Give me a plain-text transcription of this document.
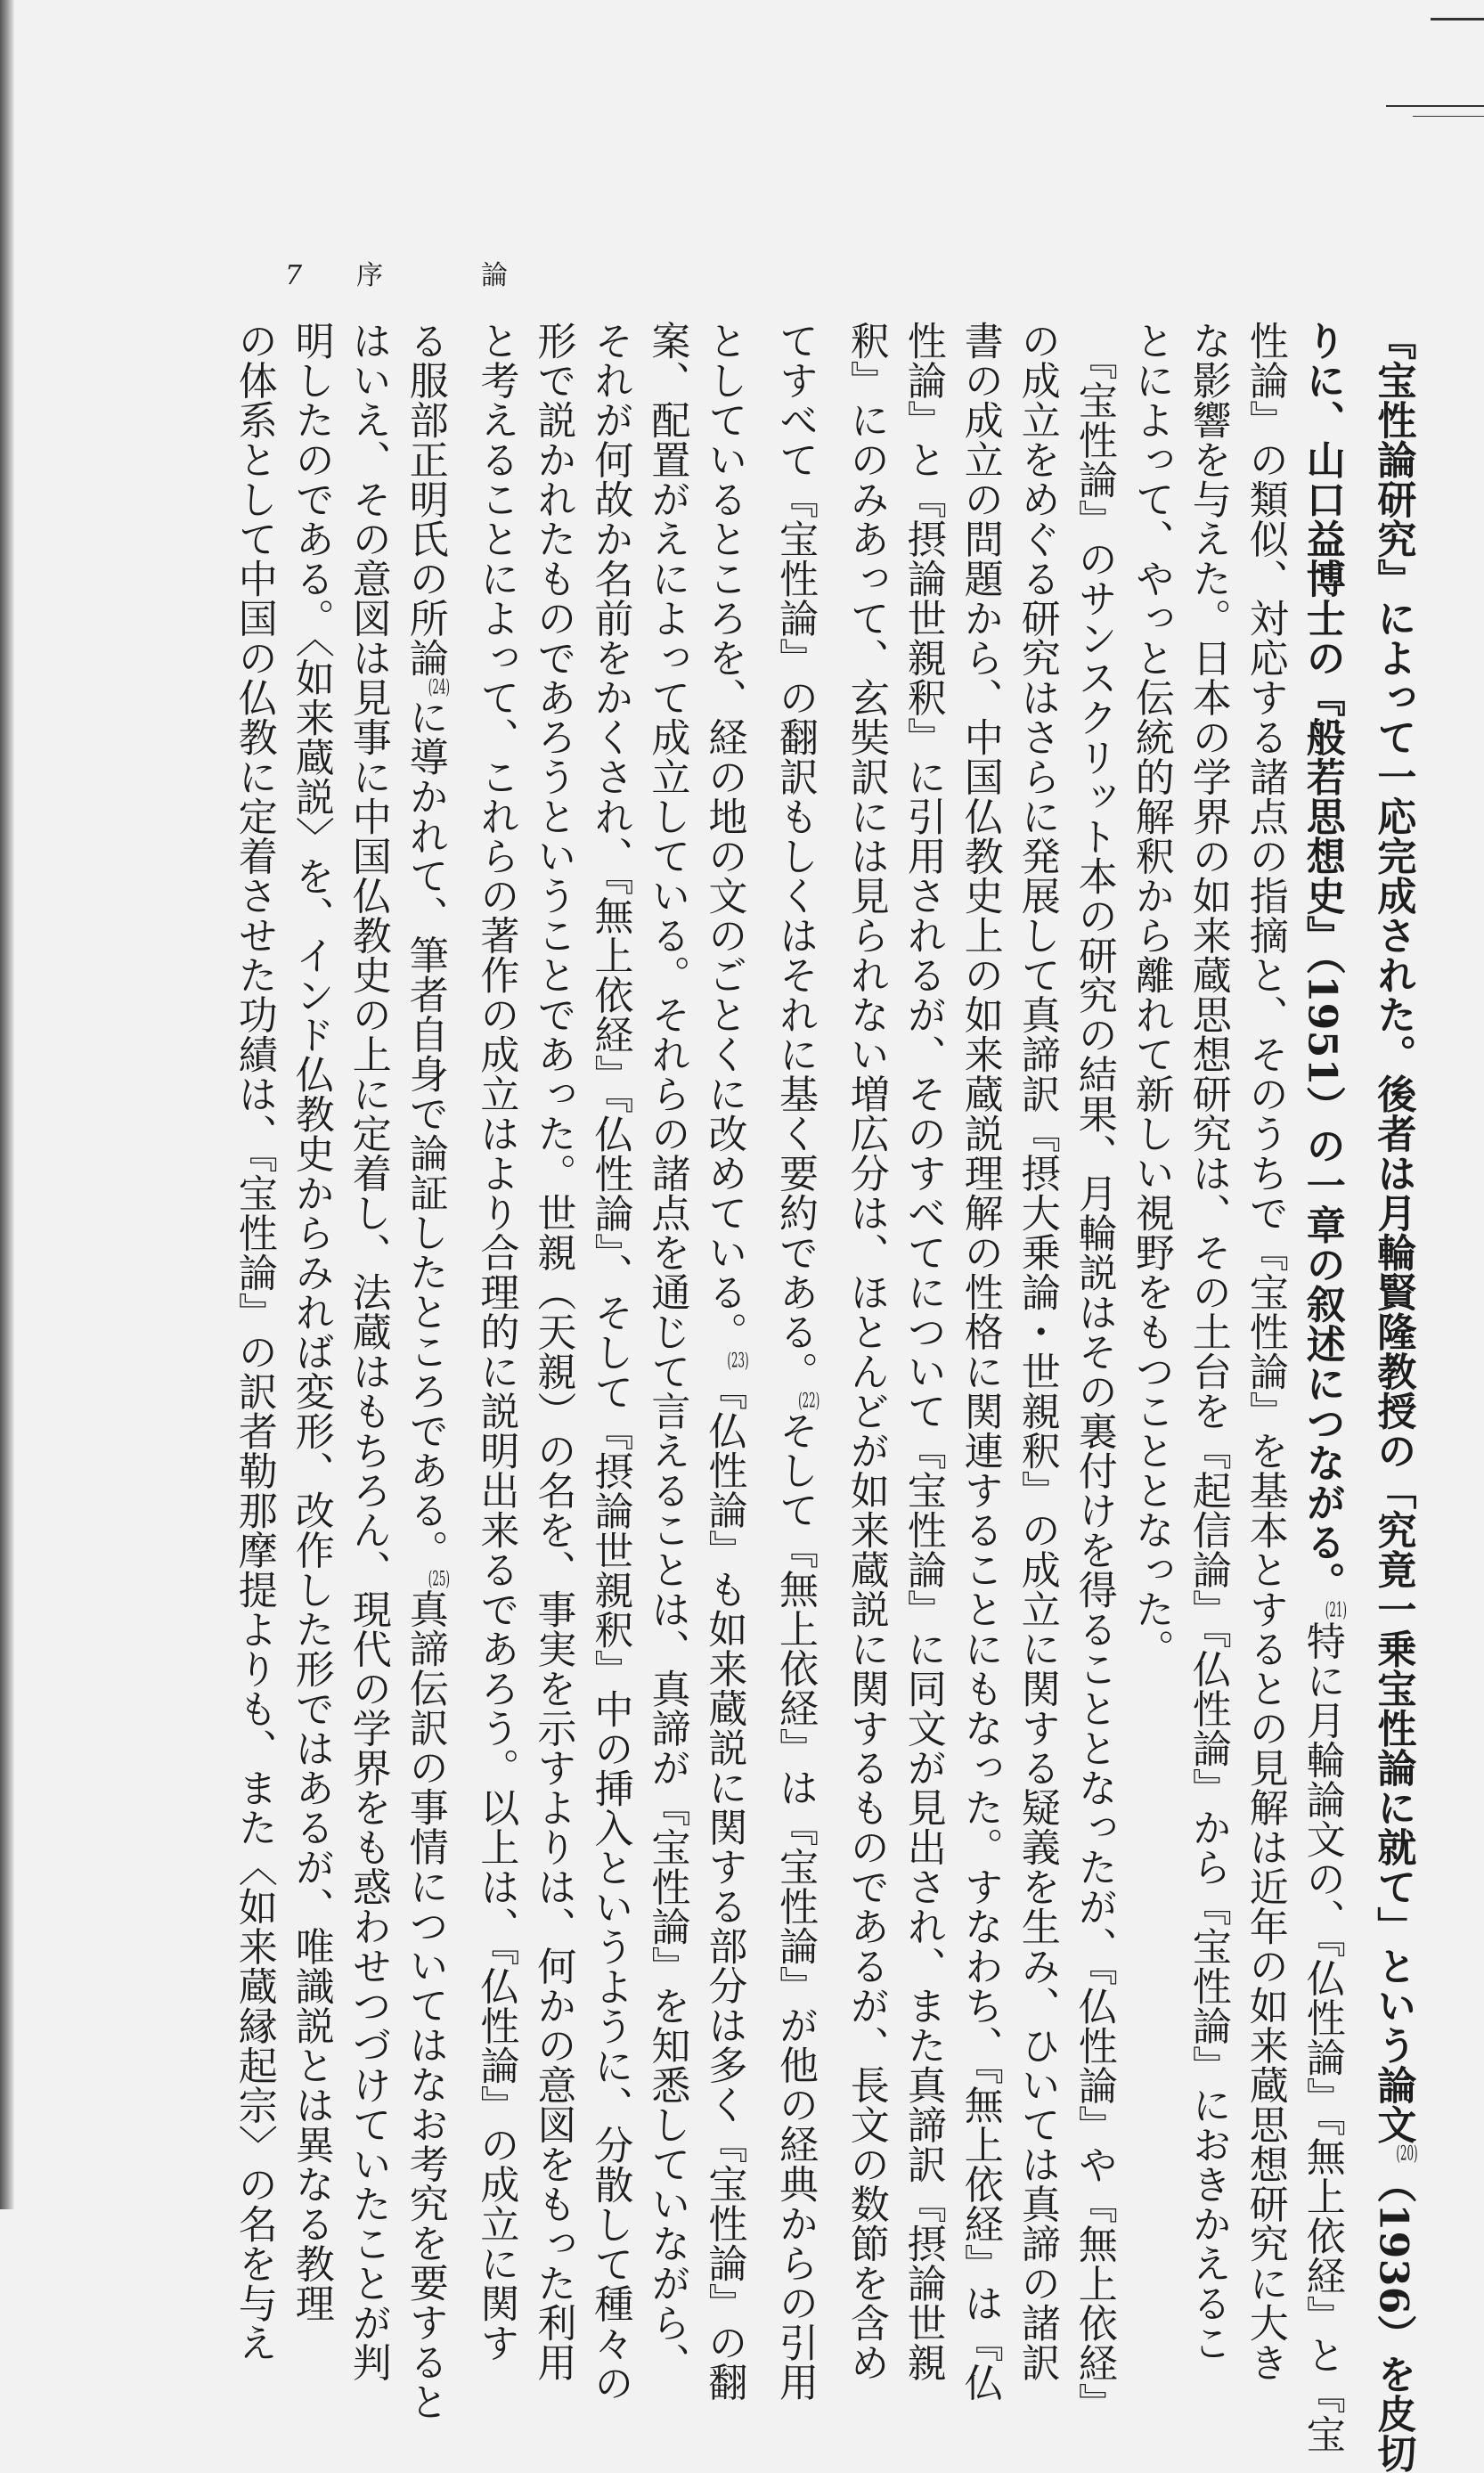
7 序	論
『宝性論研究』によって一応完成された。後者は月輪賢隆教授の「究竟一乗宝性論に就て」という論文$^{(20)}$（1936）を皮切
りに、山口益博士の『般若思想史』（1951）の一章の叙述につながる。$^{(21)}$特に月輪論文の、『仏性論』『無上依経』と『宝
性論』の類似、対応する諸点の指摘と、そのうちで『宝性論』を基本とするとの見解は近年の如来蔵思想研究に大き
な影響を与えた。日本の学界の如来蔵思想研究は、その土台を『起信論』『仏性論』から『宝性論』におきかえるこ
とによって、やっと伝統的解釈から離れて新しい視野をもつこととなった。
　『宝性論』のサンスクリット本の研究の結果、月輪説はその裏付けを得ることとなったが、『仏性論』や『無上依経』
の成立をめぐる研究はさらに発展して真諦訳『摂大乗論・世親釈』の成立に関する疑義を生み、ひいては真諦の諸訳
書の成立の問題から、中国仏教史上の如来蔵説理解の性格に関連することにもなった。すなわち、『無上依経』は『仏
性論』と『摂論世親釈』に引用されるが、そのすべてについて『宝性論』に同文が見出され、また真諦訳『摂論世親
釈』にのみあって、玄奘訳には見られない増広分は、ほとんどが如来蔵説に関するものであるが、長文の数節を含め
てすべて『宝性論』の翻訳もしくはそれに基く要約である。$^{(22)}$そして『無上依経』は『宝性論』が他の経典からの引用
としているところを、経の地の文のごとくに改めている。$^{(23)}$『仏性論』も如来蔵説に関する部分は多く『宝性論』の翻
案、配置がえによって成立している。それらの諸点を通じて言えることは、真諦が『宝性論』を知悉していながら、
それが何故か名前をかくされ、『無上依経』『仏性論』、そして『摂論世親釈』中の挿入というように、分散して種々の
形で説かれたものであろうということであった。世親（天親）の名を、事実を示すよりは、何かの意図をもった利用
と考えることによって、これらの著作の成立はより合理的に説明出来るであろう。以上は、『仏性論』の成立に関す
る服部正明氏の所論$^{(24)}$に導かれて、筆者自身で論証したところである。$^{(25)}$真諦伝訳の事情についてはなお考究を要すると
はいえ、その意図は見事に中国仏教史の上に定着し、法蔵はもちろん、現代の学界をも惑わせつづけていたことが判
明したのである。〈如来蔵説〉を、インド仏教史からみれば変形、改作した形ではあるが、唯識説とは異なる教理
の体系として中国の仏教に定着させた功績は、『宝性論』の訳者勒那摩提よりも、また〈如来蔵縁起宗〉の名を与え
